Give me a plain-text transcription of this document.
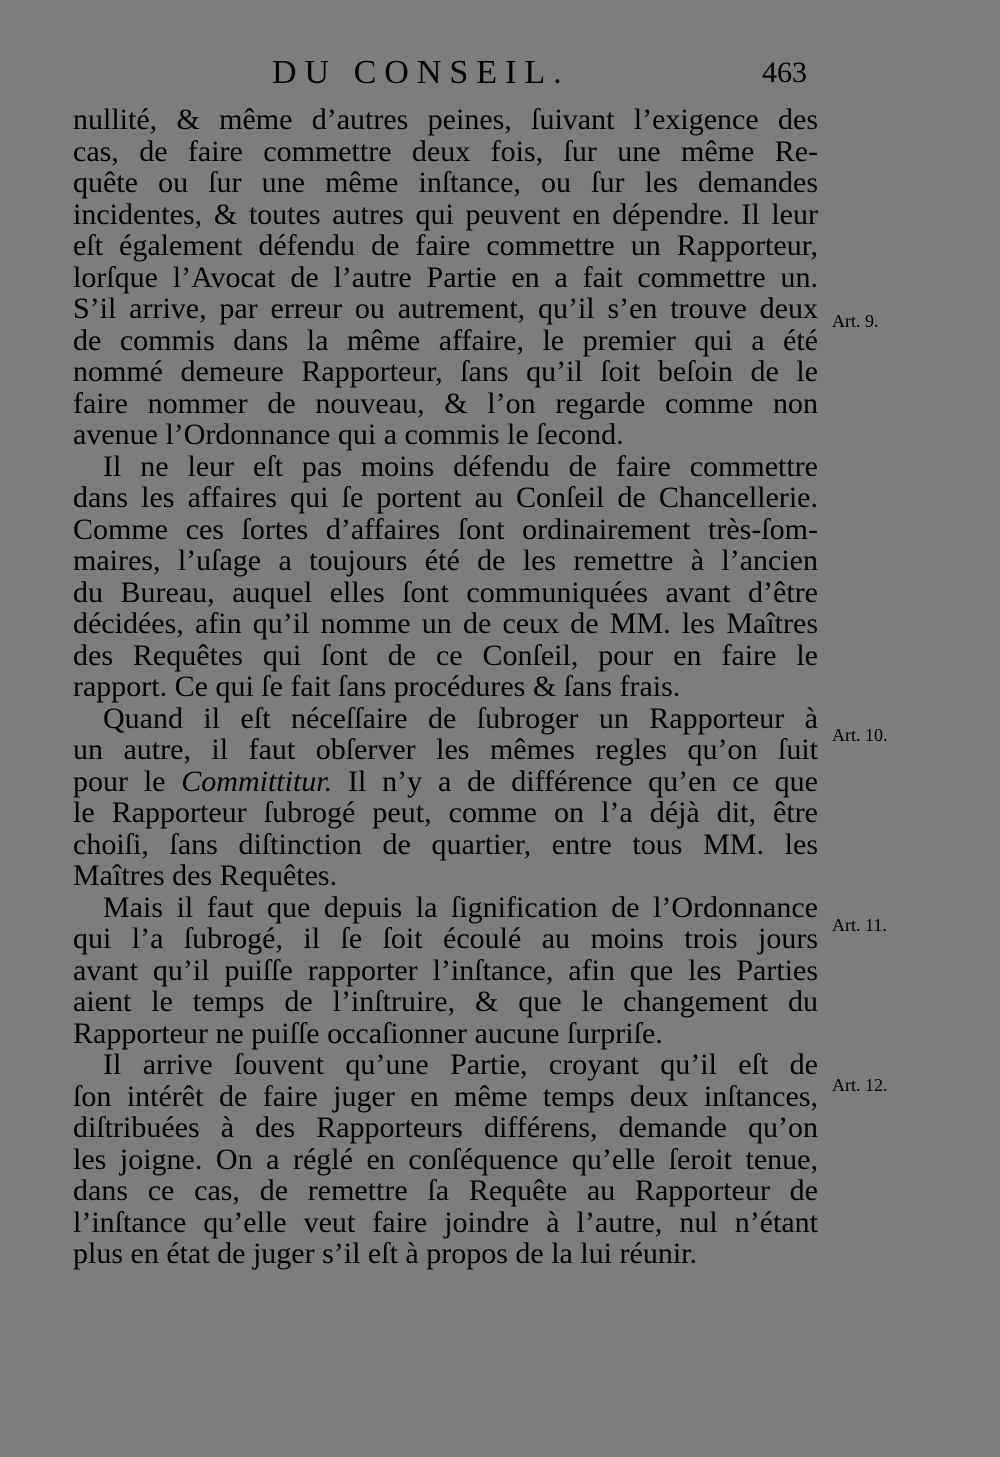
DU CONSEIL.	463
nullité, & même d’autres peines, ſuivant l’exigence des
cas, de faire commettre deux fois, ſur une même Re-
quête ou ſur une même inſtance, ou ſur les demandes
incidentes, & toutes autres qui peuvent en dépendre. Il leur
eſt également défendu de faire commettre un Rapporteur,
lorſque l’Avocat de l’autre Partie en a fait commettre un.
S’il arrive, par erreur ou autrement, qu’il s’en trouve deux
de commis dans la même affaire, le premier qui a été
nommé demeure Rapporteur, ſans qu’il ſoit beſoin de le
faire nommer de nouveau, & l’on regarde comme non
avenue l’Ordonnance qui a commis le ſecond.
Il ne leur eſt pas moins défendu de faire commettre
dans les affaires qui ſe portent au Conſeil de Chancellerie.
Comme ces ſortes d’affaires ſont ordinairement très-ſom-
maires, l’uſage a toujours été de les remettre à l’ancien
du Bureau, auquel elles ſont communiquées avant d’être
décidées, afin qu’il nomme un de ceux de MM. les Maîtres
des Requêtes qui ſont de ce Conſeil, pour en faire le
rapport. Ce qui ſe fait ſans procédures & ſans frais.
Quand il eſt néceſſaire de ſubroger un Rapporteur à
un autre, il faut obſerver les mêmes regles qu’on ſuit
pour le Committitur. Il n’y a de différence qu’en ce que
le Rapporteur ſubrogé peut, comme on l’a déjà dit, être
choiſi, ſans diſtinction de quartier, entre tous MM. les
Maîtres des Requêtes.
Mais il faut que depuis la ſignification de l’Ordonnance
qui l’a ſubrogé, il ſe ſoit écoulé au moins trois jours
avant qu’il puiſſe rapporter l’inſtance, afin que les Parties
aient le temps de l’inſtruire, & que le changement du
Rapporteur ne puiſſe occaſionner aucune ſurpriſe.
Il arrive ſouvent qu’une Partie, croyant qu’il eſt de
ſon intérêt de faire juger en même temps deux inſtances,
diſtribuées à des Rapporteurs différens, demande qu’on
les joigne. On a réglé en conſéquence qu’elle ſeroit tenue,
dans ce cas, de remettre ſa Requête au Rapporteur de
l’inſtance qu’elle veut faire joindre à l’autre, nul n’étant
plus en état de juger s’il eſt à propos de la lui réunir.
Art. 9.
Art. 10.
Art. 11.
Art. 12.
